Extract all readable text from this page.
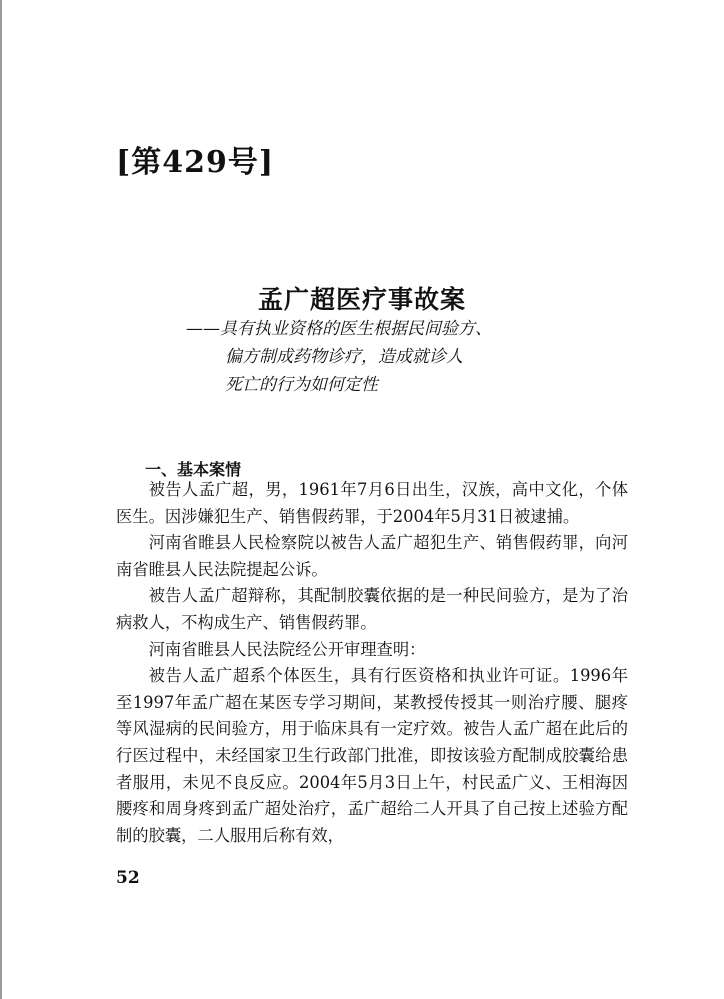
[第429号]
孟广超医疗事故案
——具有执业资格的医生根据民间验方、
偏方制成药物诊疗，造成就诊人
死亡的行为如何定性
一、基本案情

被告人孟广超，男，1961年7月6日出生，汉族，高中文化，个体医生。因涉嫌犯生产、销售假药罪，于2004年5月31日被逮捕。

河南省睢县人民检察院以被告人孟广超犯生产、销售假药罪，向河南省睢县人民法院提起公诉。

被告人孟广超辩称，其配制胶囊依据的是一种民间验方，是为了治病救人，不构成生产、销售假药罪。

河南省睢县人民法院经公开审理查明：

被告人孟广超系个体医生，具有行医资格和执业许可证。1996年至1997年孟广超在某医专学习期间，某教授传授其一则治疗腰、腿疼等风湿病的民间验方，用于临床具有一定疗效。被告人孟广超在此后的行医过程中，未经国家卫生行政部门批准，即按该验方配制成胶囊给患者服用，未见不良反应。2004年5月3日上午，村民孟广义、王相海因腰疼和周身疼到孟广超处治疗，孟广超给二人开具了自己按上述验方配制的胶囊，二人服用后称有效，

52
